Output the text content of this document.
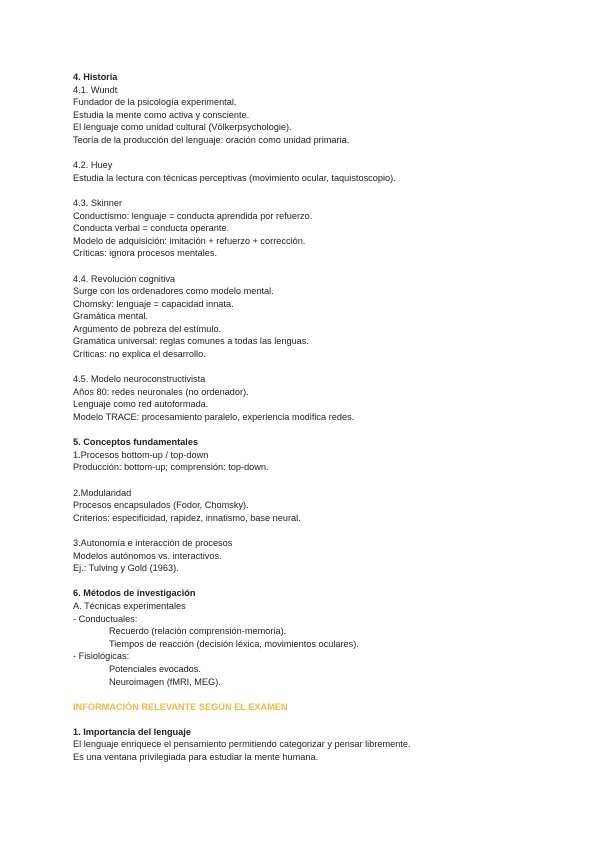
4. Historia
4.1. Wundt
Fundador de la psicología experimental.
Estudia la mente como activa y consciente.
El lenguaje como unidad cultural (Völkerpsychologie).
Teoría de la producción del lenguaje: oración como unidad primaria.
4.2. Huey
Estudia la lectura con técnicas perceptivas (movimiento ocular, taquistoscopio).
4.3. Skinner
Conductismo: lenguaje = conducta aprendida por refuerzo.
Conducta verbal = conducta operante.
Modelo de adquisición: imitación + refuerzo + corrección.
Críticas: ignora procesos mentales.
4.4. Revolución cognitiva
Surge con los ordenadores como modelo mental.
Chomsky: lenguaje = capacidad innata.
Gramática mental.
Argumento de pobreza del estímulo.
Gramática universal: reglas comunes a todas las lenguas.
Críticas: no explica el desarrollo.
4.5. Modelo neuroconstructivista
Años 80: redes neuronales (no ordenador).
Lenguaje como red autoformada.
Modelo TRACE: procesamiento paralelo, experiencia modifica redes.
5. Conceptos fundamentales
1.Procesos bottom-up / top-down
Producción: bottom-up; comprensión: top-down.
2.Modularidad
Procesos encapsulados (Fodor, Chomsky).
Criterios: especificidad, rapidez, innatismo, base neural.
3.Autonomía e interacción de procesos
Modelos autónomos vs. interactivos.
Ej.: Tulving y Gold (1963).
6. Métodos de investigación
A. Técnicas experimentales
- Conductuales:
Recuerdo (relación comprensión-memoria).
Tiempos de reacción (decisión léxica, movimientos oculares).
- Fisiológicas:
Potenciales evocados.
Neuroimagen (fMRI, MEG).
INFORMACIÓN RELEVANTE SEGÚN EL EXAMEN
1. Importancia del lenguaje
El lenguaje enriquece el pensamiento permitiendo categorizar y pensar libremente.
Es una ventana privilegiada para estudiar la mente humana.
